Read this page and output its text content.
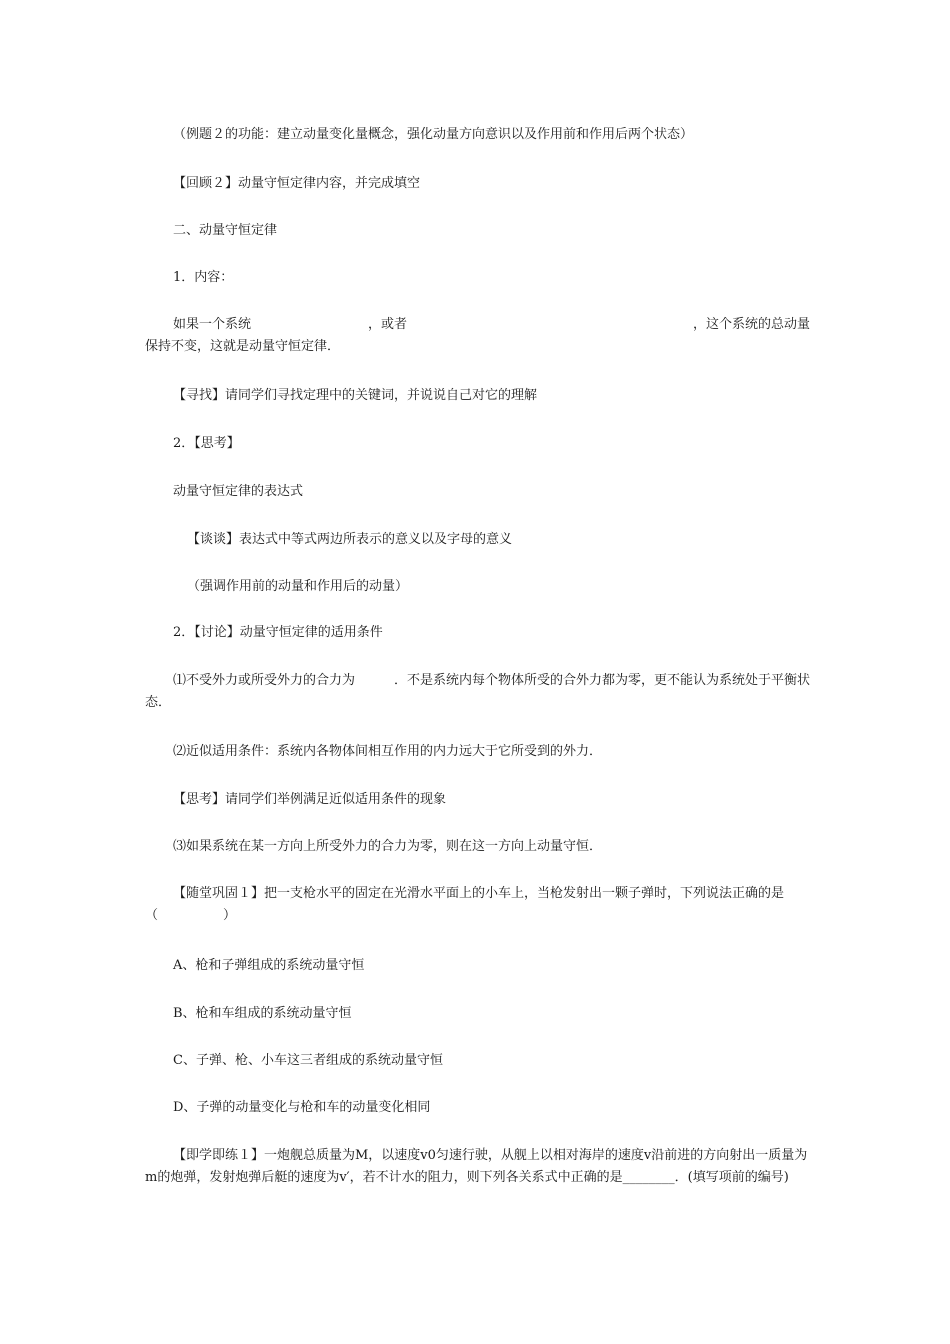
（例题２的功能：建立动量变化量概念，强化动量方向意识以及作用前和作用后两个状态）
【回顾２】动量守恒定律内容，并完成填空
二、动量守恒定律
1．内容：
如果一个系统　　　　　　　　　，或者　　　　　　　　　　　　　　　　　　　　　　，这个系统的总动量保持不变，这就是动量守恒定律．
【寻找】请同学们寻找定理中的关键词，并说说自己对它的理解
2．【思考】
动量守恒定律的表达式
【谈谈】表达式中等式两边所表示的意义以及字母的意义
（强调作用前的动量和作用后的动量）
2．【讨论】动量守恒定律的适用条件
⑴不受外力或所受外力的合力为　　　．不是系统内每个物体所受的合外力都为零，更不能认为系统处于平衡状态．
⑵近似适用条件：系统内各物体间相互作用的内力远大于它所受到的外力．
【思考】请同学们举例满足近似适用条件的现象
⑶如果系统在某一方向上所受外力的合力为零，则在这一方向上动量守恒．
【随堂巩固１】把一支枪水平的固定在光滑水平面上的小车上，当枪发射出一颗子弹时，下列说法正确的是（　　　　　）
A、枪和子弹组成的系统动量守恒
B、枪和车组成的系统动量守恒
C、子弹、枪、小车这三者组成的系统动量守恒
D、子弹的动量变化与枪和车的动量变化相同
【即学即练１】一炮舰总质量为M，以速度v0匀速行驶，从舰上以相对海岸的速度v沿前进的方向射出一质量为m的炮弹，发射炮弹后艇的速度为v′，若不计水的阻力，则下列各关系式中正确的是________．(填写项前的编号)
